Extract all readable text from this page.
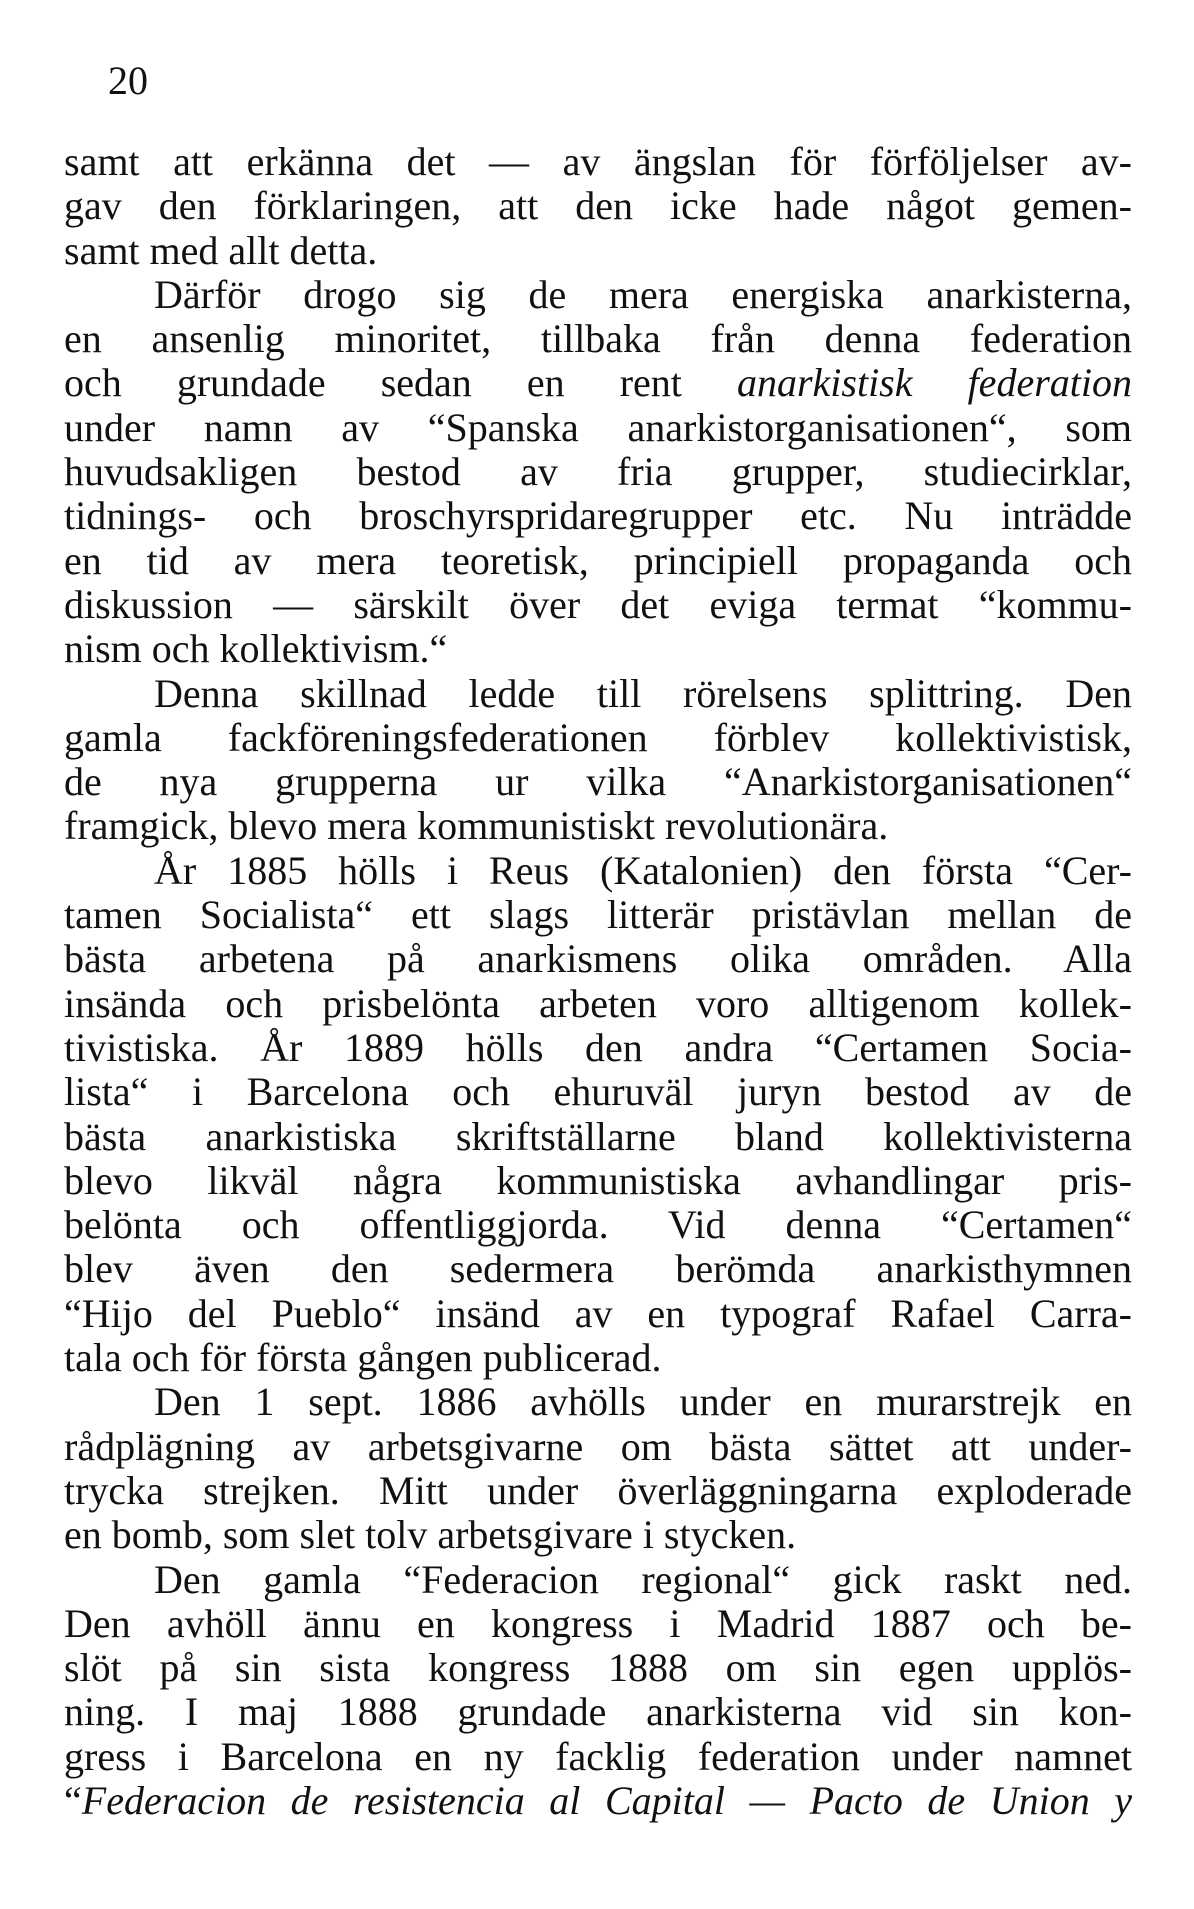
20
samt att erkänna det — av ängslan för förföljelser av-
gav den förklaringen, att den icke hade något gemen-
samt med allt detta.
Därför drogo sig de mera energiska anarkisterna,
en ansenlig minoritet, tillbaka från denna federation
och grundade sedan en rent anarkistisk federation
under namn av “Spanska anarkistorganisationen“, som
huvudsakligen bestod av fria grupper, studiecirklar,
tidnings- och broschyrspridaregrupper etc. Nu inträdde
en tid av mera teoretisk, principiell propaganda och
diskussion — särskilt över det eviga termat “kommu-
nism och kollektivism.“
Denna skillnad ledde till rörelsens splittring. Den
gamla fackföreningsfederationen förblev kollektivistisk,
de nya grupperna ur vilka “Anarkistorganisationen“
framgick, blevo mera kommunistiskt revolutionära.
År 1885 hölls i Reus (Katalonien) den första “Cer-
tamen Socialista“ ett slags litterär pristävlan mellan de
bästa arbetena på anarkismens olika områden. Alla
insända och prisbelönta arbeten voro alltigenom kollek-
tivistiska. År 1889 hölls den andra “Certamen Socia-
lista“ i Barcelona och ehuruväl juryn bestod av de
bästa anarkistiska skriftställarne bland kollektivisterna
blevo likväl några kommunistiska avhandlingar pris-
belönta och offentliggjorda. Vid denna “Certamen“
blev även den sedermera berömda anarkisthymnen
“Hijo del Pueblo“ insänd av en typograf Rafael Carra-
tala och för första gången publicerad.
Den 1 sept. 1886 avhölls under en murarstrejk en
rådplägning av arbetsgivarne om bästa sättet att under-
trycka strejken. Mitt under överläggningarna exploderade
en bomb, som slet tolv arbetsgivare i stycken.
Den gamla “Federacion regional“ gick raskt ned.
Den avhöll ännu en kongress i Madrid 1887 och be-
slöt på sin sista kongress 1888 om sin egen upplös-
ning. I maj 1888 grundade anarkisterna vid sin kon-
gress i Barcelona en ny facklig federation under namnet
“Federacion de resistencia al Capital — Pacto de Union y
